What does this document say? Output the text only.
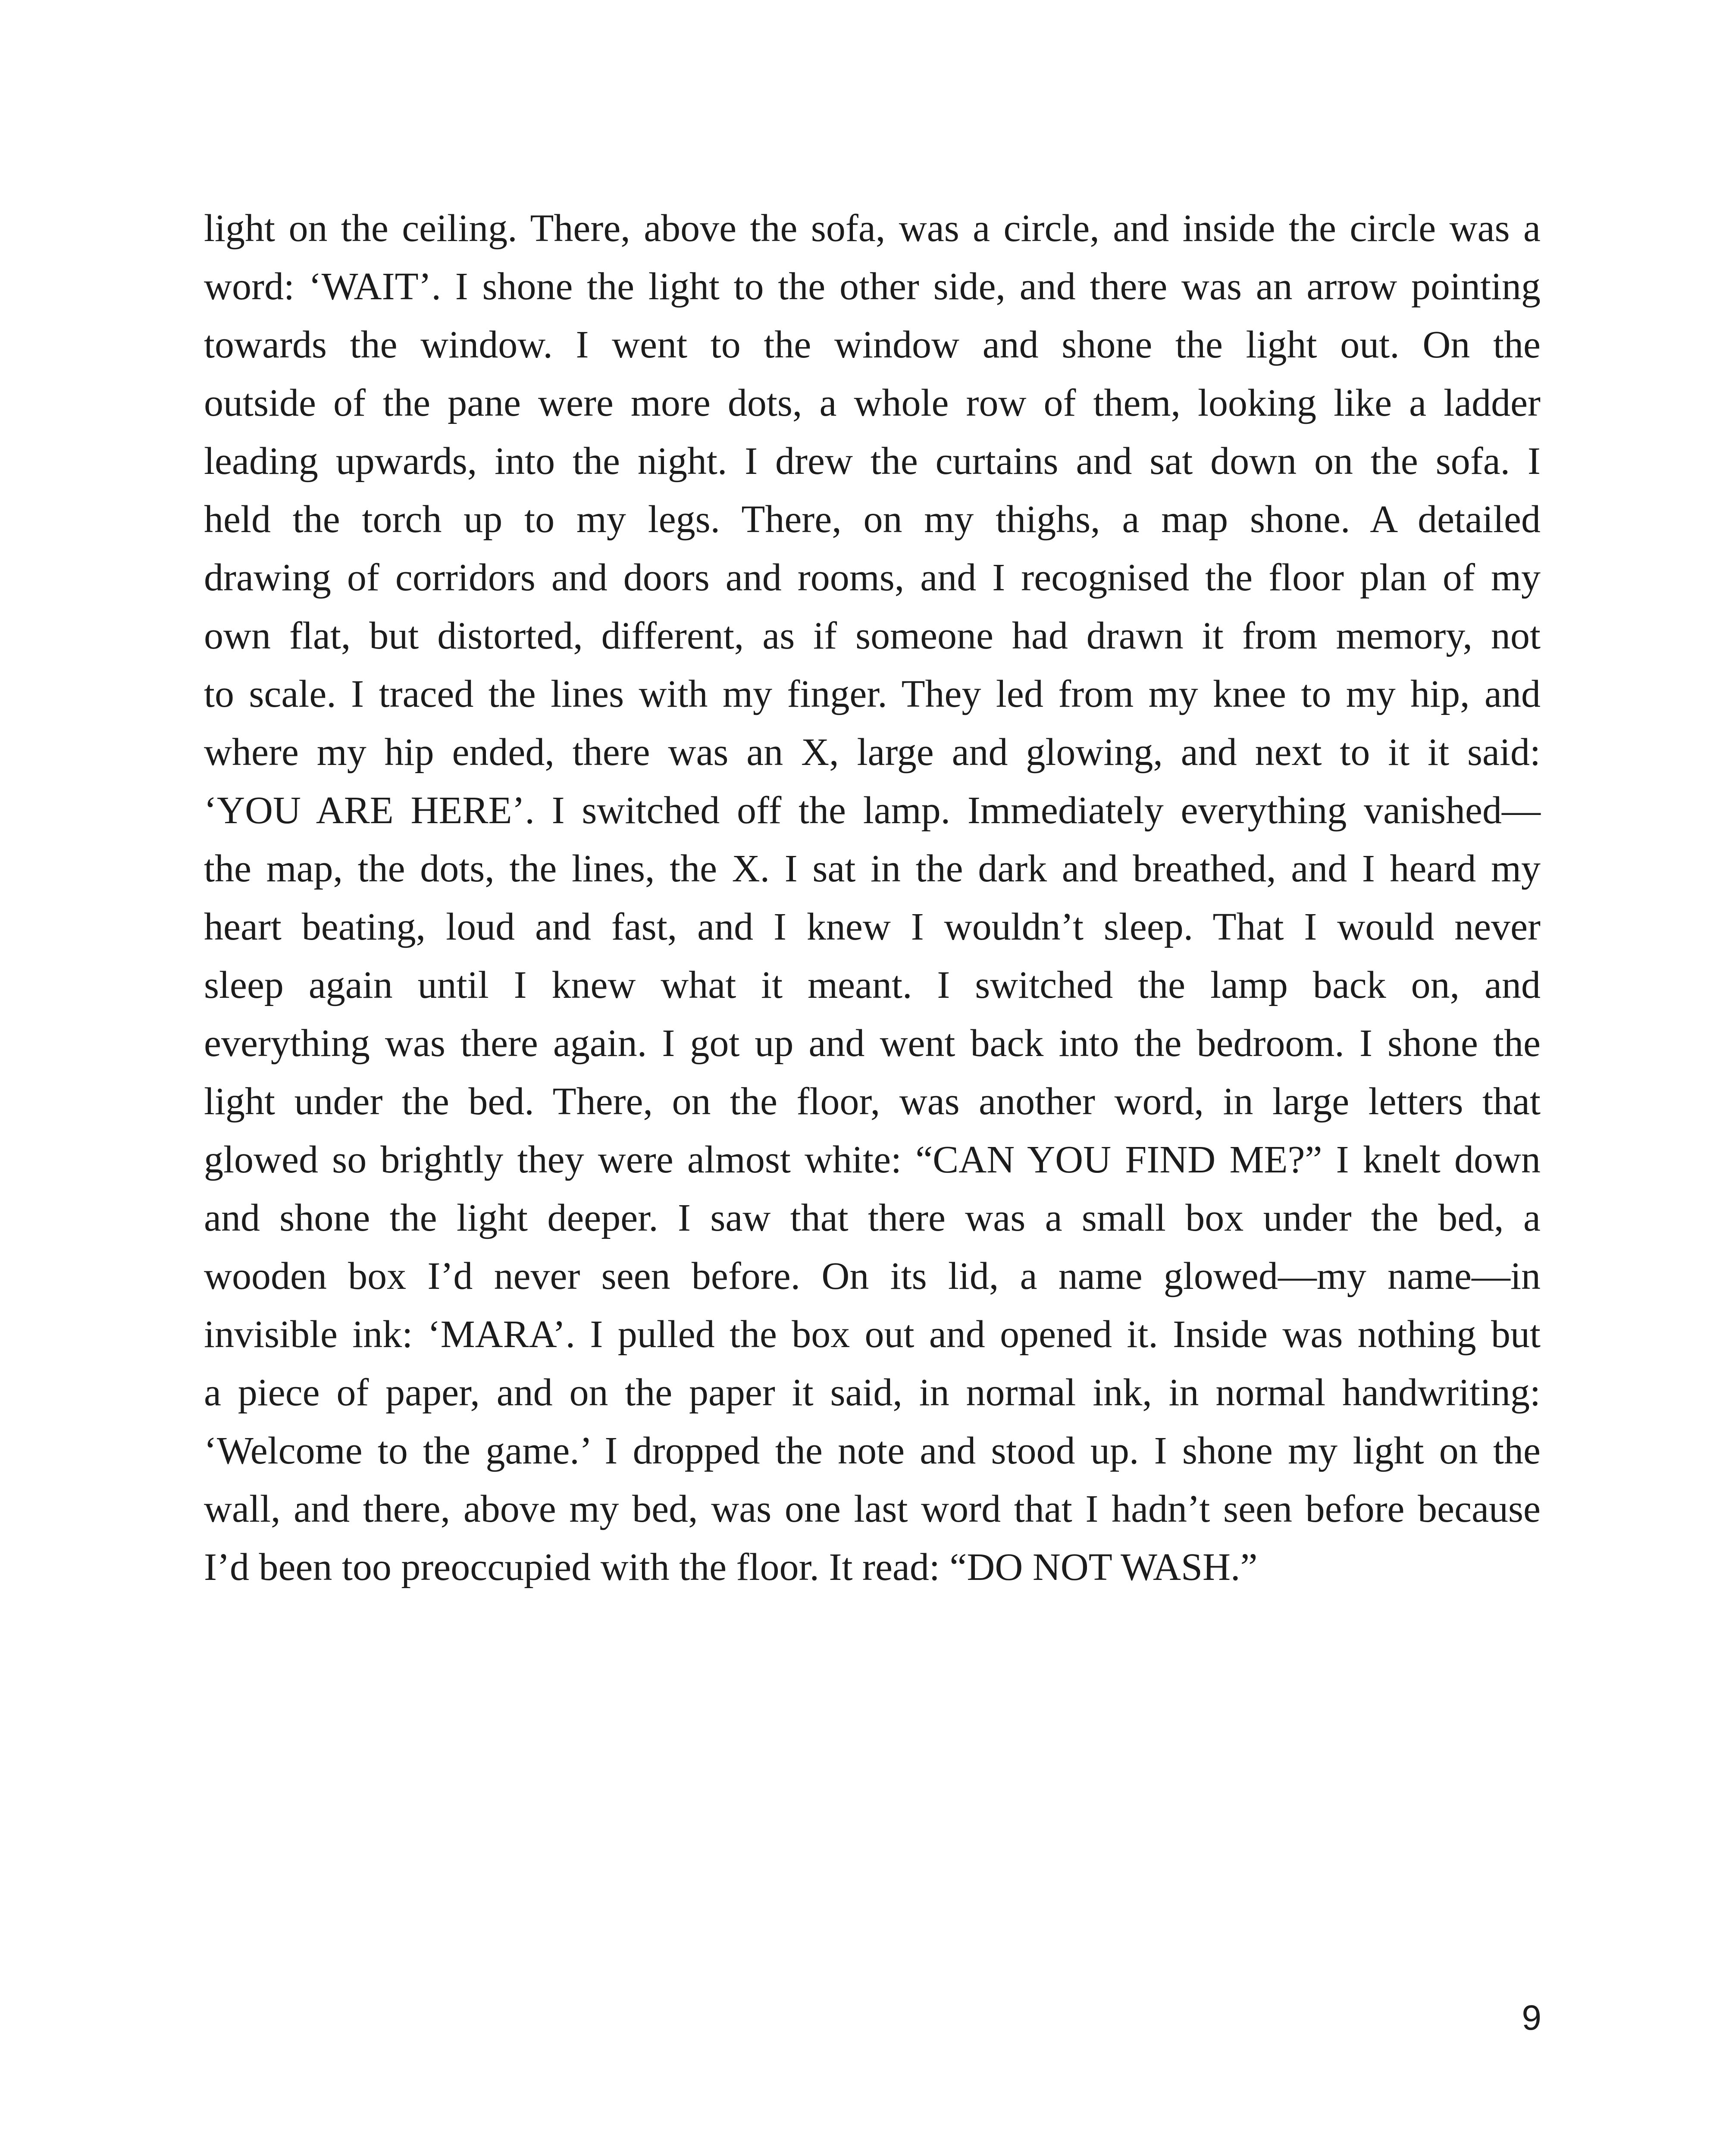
light on the ceiling. There, above the sofa, was a circle, and inside the circle was a
word: ‘WAIT’. I shone the light to the other side, and there was an arrow pointing
towards the window. I went to the window and shone the light out. On the
outside of the pane were more dots, a whole row of them, looking like a ladder
leading upwards, into the night. I drew the curtains and sat down on the sofa. I
held the torch up to my legs. There, on my thighs, a map shone. A detailed
drawing of corridors and doors and rooms, and I recognised the floor plan of my
own flat, but distorted, different, as if someone had drawn it from memory, not
to scale. I traced the lines with my finger. They led from my knee to my hip, and
where my hip ended, there was an X, large and glowing, and next to it it said:
‘YOU ARE HERE’. I switched off the lamp. Immediately everything vanished—
the map, the dots, the lines, the X. I sat in the dark and breathed, and I heard my
heart beating, loud and fast, and I knew I wouldn’t sleep. That I would never
sleep again until I knew what it meant. I switched the lamp back on, and
everything was there again. I got up and went back into the bedroom. I shone the
light under the bed. There, on the floor, was another word, in large letters that
glowed so brightly they were almost white: “CAN YOU FIND ME?” I knelt down
and shone the light deeper. I saw that there was a small box under the bed, a
wooden box I’d never seen before. On its lid, a name glowed—my name—in
invisible ink: ‘MARA’. I pulled the box out and opened it. Inside was nothing but
a piece of paper, and on the paper it said, in normal ink, in normal handwriting:
‘Welcome to the game.’ I dropped the note and stood up. I shone my light on the
wall, and there, above my bed, was one last word that I hadn’t seen before because
I’d been too preoccupied with the floor. It read: “DO NOT WASH.”
9
